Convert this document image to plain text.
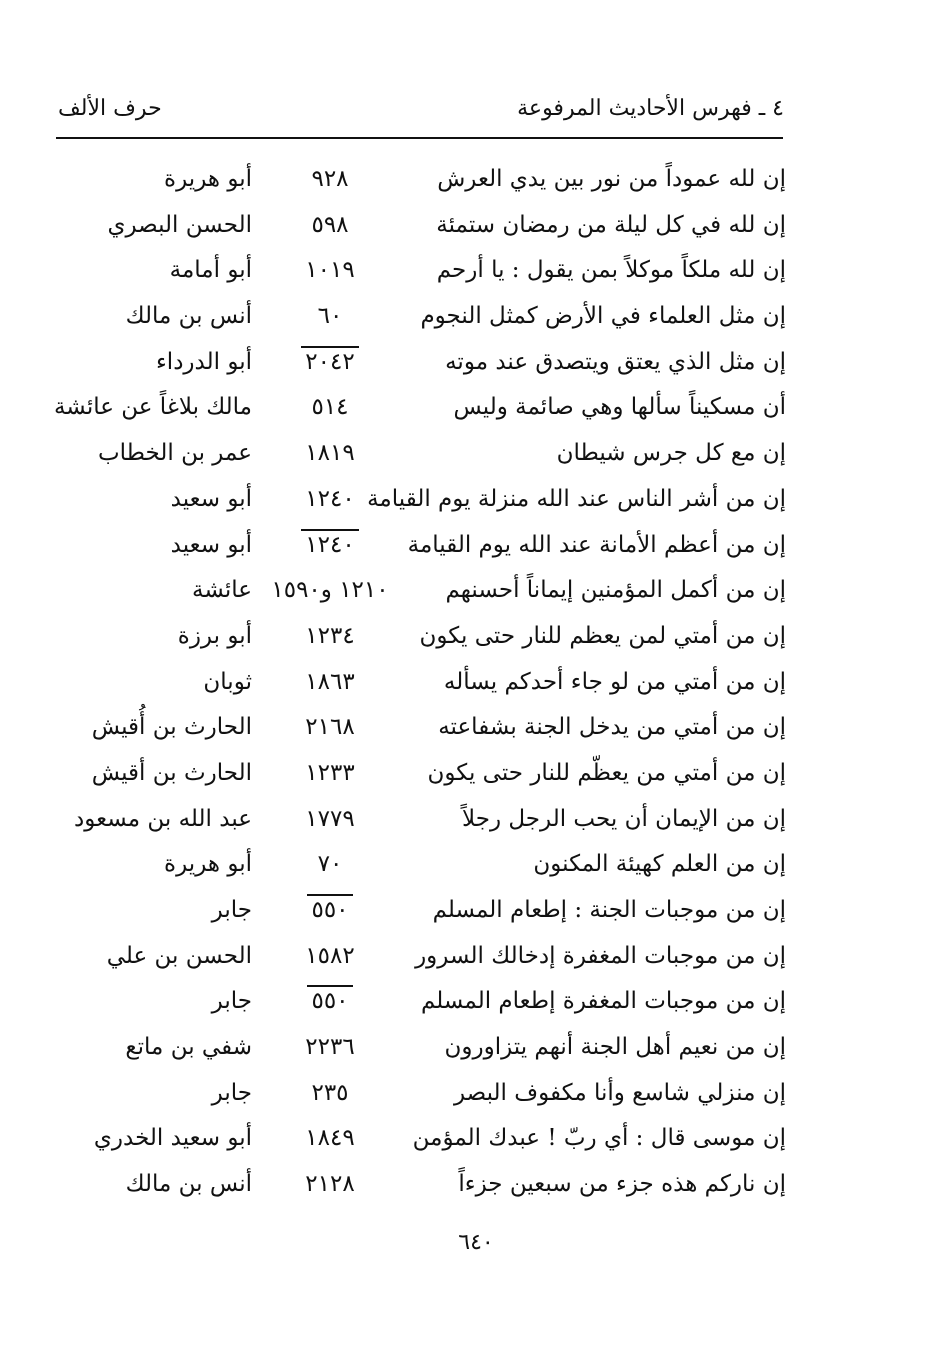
٤ ـ فهرس الأحاديث المرفوعة
حرف الألف
إن لله عموداً من نور بين يدي العرش
٩٢٨
أبو هريرة
إن لله في كل ليلة من رمضان ستمئة
٥٩٨
الحسن البصري
إن لله ملكاً موكلاً بمن يقول : يا أرحم
١٠١٩
أبو أمامة
إن مثل العلماء في الأرض كمثل النجوم
٦٠
أنس بن مالك
إن مثل الذي يعتق ويتصدق عند موته
٢٠٤٢
أبو الدرداء
أن مسكيناً سألها وهي صائمة وليس
٥١٤
مالك بلاغاً عن عائشة
إن مع كل جرس شيطان
١٨١٩
عمر بن الخطاب
إن من أشر الناس عند الله منزلة يوم القيامة
١٢٤٠
أبو سعيد
إن من أعظم الأمانة عند الله يوم القيامة
١٢٤٠
أبو سعيد
إن من أكمل المؤمنين إيماناً أحسنهم
١٢١٠ و١٥٩٠
عائشة
إن من أمتي لمن يعظم للنار حتى يكون
١٢٣٤
أبو برزة
إن من أمتي من لو جاء أحدكم يسأله
١٨٦٣
ثوبان
إن من أمتي من يدخل الجنة بشفاعته
٢١٦٨
الحارث بن أُقيش
إن من أمتي من يعظّم للنار حتى يكون
١٢٣٣
الحارث بن أقيش
إن من الإيمان أن يحب الرجل رجلاً
١٧٧٩
عبد الله بن مسعود
إن من العلم كهيئة المكنون
٧٠
أبو هريرة
إن من موجبات الجنة : إطعام المسلم
٥٥٠
جابر
إن من موجبات المغفرة إدخالك السرور
١٥٨٢
الحسن بن علي
إن من موجبات المغفرة إطعام المسلم
٥٥٠
جابر
إن من نعيم أهل الجنة أنهم يتزاورون
٢٢٣٦
شفي بن ماتع
إن منزلي شاسع وأنا مكفوف البصر
٢٣٥
جابر
إن موسى قال : أي ربّ ! عبدك المؤمن
١٨٤٩
أبو سعيد الخدري
إن ناركم هذه جزء من سبعين جزءاً
٢١٢٨
أنس بن مالك
٦٤٠
